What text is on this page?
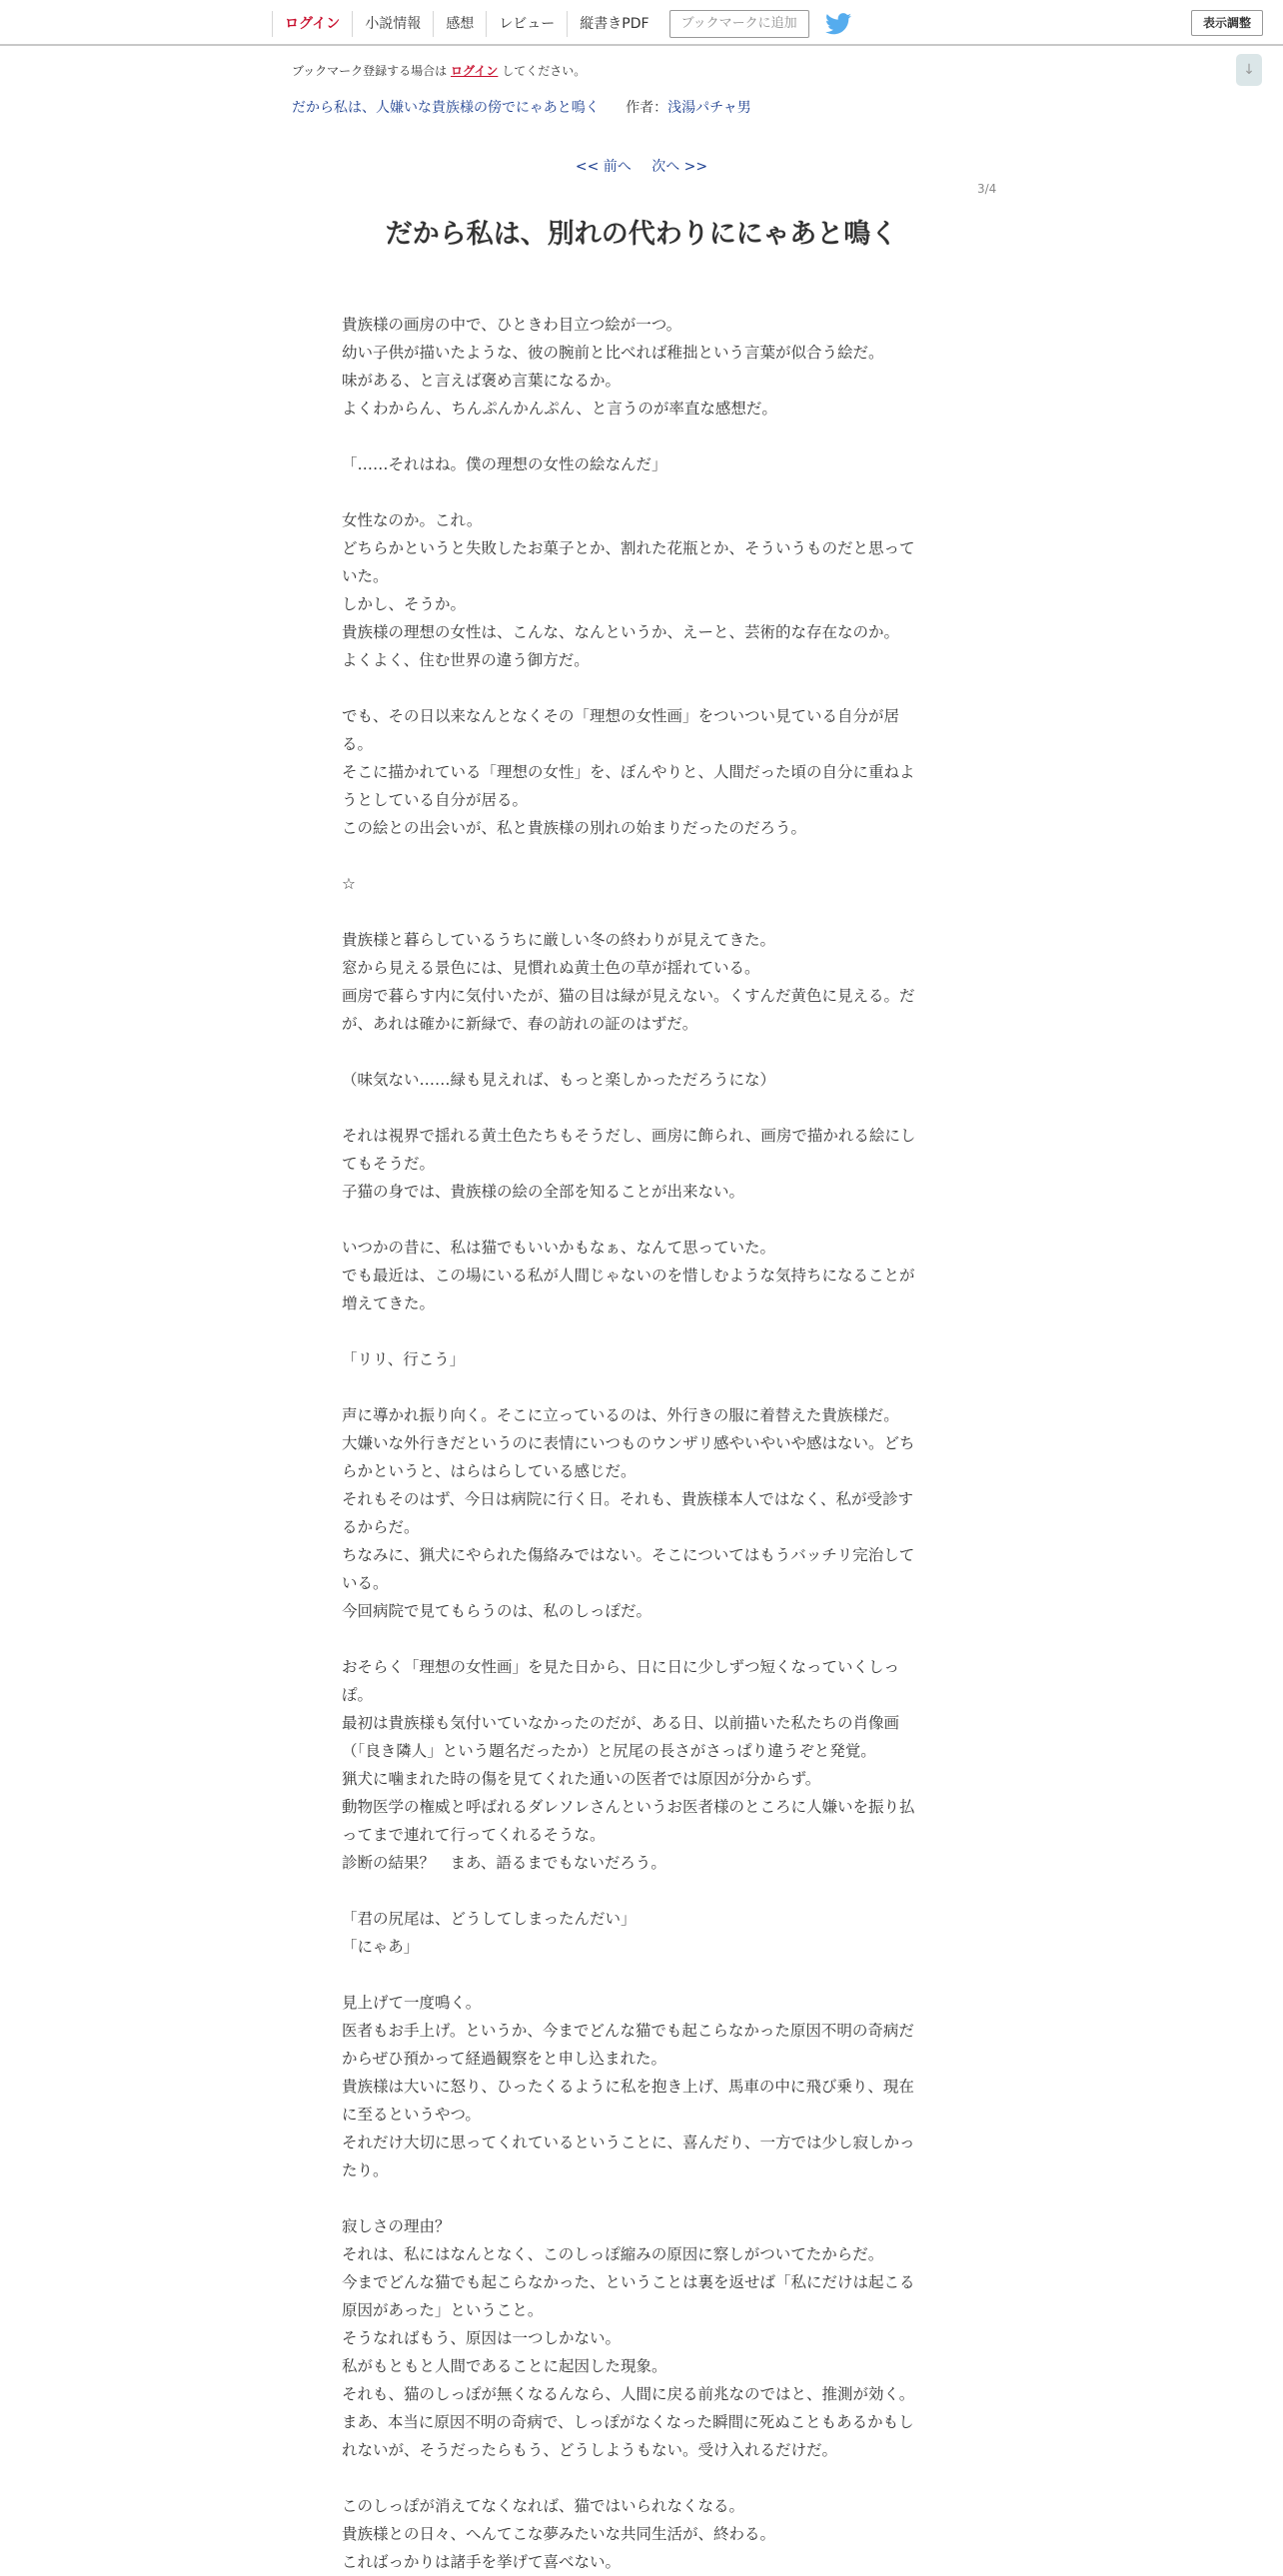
ログイン	小説情報	感想	レビュー	縦書きPDF	ブックマークに追加	表示調整
↓
ブックマーク登録する場合は ログイン してください。
だから私は、人嫌いな貴族様の傍でにゃあと鳴く 作者：浅湯パチャ男
<< 前へ 次へ >>
3/4
だから私は、別れの代わりににゃあと鳴く

貴族様の画房の中で、ひときわ目立つ絵が一つ。

幼い子供が描いたような、彼の腕前と比べれば稚拙という言葉が似合う絵だ。

味がある、と言えば褒め言葉になるか。

よくわからん、ちんぷんかんぷん、と言うのが率直な感想だ。

「……それはね。僕の理想の女性の絵なんだ」

女性なのか。これ。

どちらかというと失敗したお菓子とか、割れた花瓶とか、そういうものだと思って

いた。

しかし、そうか。

貴族様の理想の女性は、こんな、なんというか、えーと、芸術的な存在なのか。

よくよく、住む世界の違う御方だ。

でも、その日以来なんとなくその「理想の女性画」をついつい見ている自分が居

る。

そこに描かれている「理想の女性」を、ぼんやりと、人間だった頃の自分に重ねよ

うとしている自分が居る。

この絵との出会いが、私と貴族様の別れの始まりだったのだろう。

☆

貴族様と暮らしているうちに厳しい冬の終わりが見えてきた。

窓から見える景色には、見慣れぬ黄土色の草が揺れている。

画房で暮らす内に気付いたが、猫の目は緑が見えない。くすんだ黄色に見える。だ

が、あれは確かに新緑で、春の訪れの証のはずだ。

（味気ない……緑も見えれば、もっと楽しかっただろうにな）

それは視界で揺れる黄土色たちもそうだし、画房に飾られ、画房で描かれる絵にし

てもそうだ。

子猫の身では、貴族様の絵の全部を知ることが出来ない。

いつかの昔に、私は猫でもいいかもなぁ、なんて思っていた。

でも最近は、この場にいる私が人間じゃないのを惜しむような気持ちになることが

増えてきた。

「リリ、行こう」

声に導かれ振り向く。そこに立っているのは、外行きの服に着替えた貴族様だ。

大嫌いな外行きだというのに表情にいつものウンザリ感やいやいや感はない。どち

らかというと、はらはらしている感じだ。

それもそのはず、今日は病院に行く日。それも、貴族様本人ではなく、私が受診す

るからだ。

ちなみに、猟犬にやられた傷絡みではない。そこについてはもうバッチリ完治して

いる。

今回病院で見てもらうのは、私のしっぽだ。

おそらく「理想の女性画」を見た日から、日に日に少しずつ短くなっていくしっ

ぽ。

最初は貴族様も気付いていなかったのだが、ある日、以前描いた私たちの肖像画

（「良き隣人」という題名だったか）と尻尾の長さがさっぱり違うぞと発覚。

猟犬に噛まれた時の傷を見てくれた通いの医者では原因が分からず。

動物医学の権威と呼ばれるダレソレさんというお医者様のところに人嫌いを振り払

ってまで連れて行ってくれるそうな。

診断の結果？　まあ、語るまでもないだろう。

「君の尻尾は、どうしてしまったんだい」

「にゃあ」

見上げて一度鳴く。

医者もお手上げ。というか、今までどんな猫でも起こらなかった原因不明の奇病だ

からぜひ預かって経過観察をと申し込まれた。

貴族様は大いに怒り、ひったくるように私を抱き上げ、馬車の中に飛び乗り、現在

に至るというやつ。

それだけ大切に思ってくれているということに、喜んだり、一方では少し寂しかっ

たり。

寂しさの理由？

それは、私にはなんとなく、このしっぽ縮みの原因に察しがついてたからだ。

今までどんな猫でも起こらなかった、ということは裏を返せば「私にだけは起こる

原因があった」ということ。

そうなればもう、原因は一つしかない。

私がもともと人間であることに起因した現象。

それも、猫のしっぽが無くなるんなら、人間に戻る前兆なのではと、推測が効く。

まあ、本当に原因不明の奇病で、しっぽがなくなった瞬間に死ぬこともあるかもし

れないが、そうだったらもう、どうしようもない。受け入れるだけだ。

このしっぽが消えてなくなれば、猫ではいられなくなる。

貴族様との日々、へんてこな夢みたいな共同生活が、終わる。

こればっかりは諸手を挙げて喜べない。
